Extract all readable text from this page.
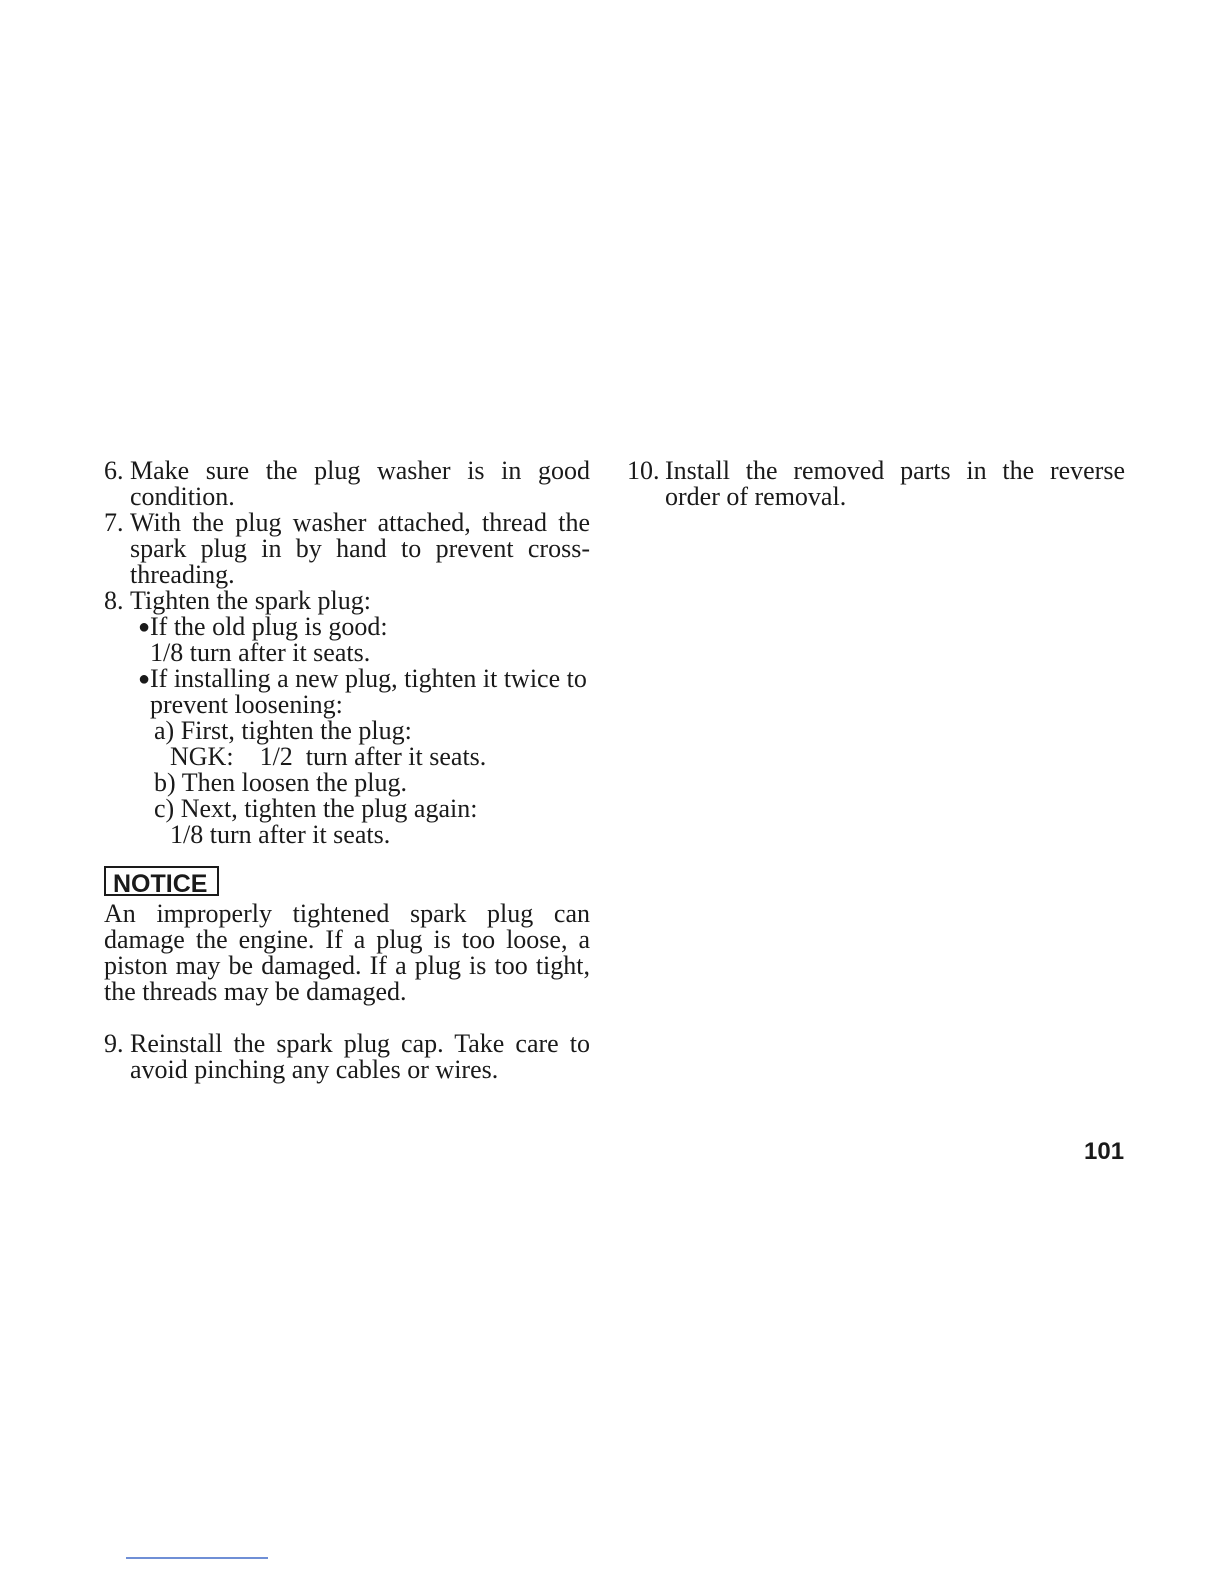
6. Make sure the plug washer is in good condition.
7. With the plug washer attached, thread the spark plug in by hand to prevent cross-threading.
8. Tighten the spark plug:
● If the old plug is good:
1/8 turn after it seats.
● If installing a new plug, tighten it twice to prevent loosening:
a) First, tighten the plug:
NGK: 1/2 turn after it seats.
b) Then loosen the plug.
c) Next, tighten the plug again:
1/8 turn after it seats.
NOTICE
An improperly tightened spark plug can damage the engine. If a plug is too loose, a piston may be damaged. If a plug is too tight, the threads may be damaged.
9. Reinstall the spark plug cap. Take care to avoid pinching any cables or wires.
10. Install the removed parts in the reverse order of removal.
101
